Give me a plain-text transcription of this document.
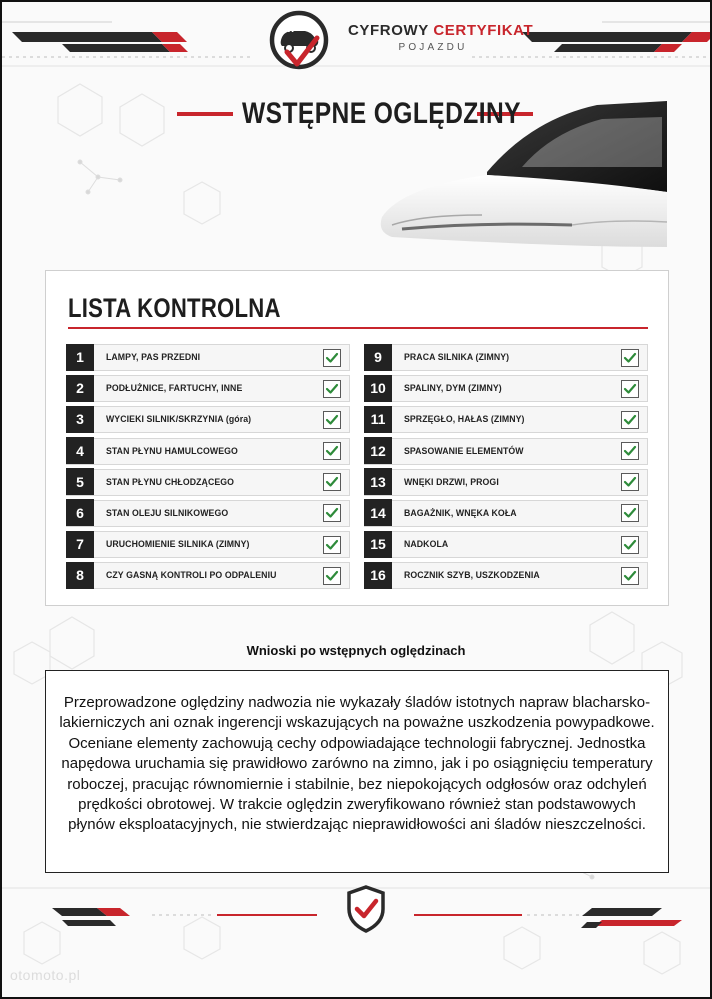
M	CYFROWY CERTYFIKAT
POJAZDU
WSTĘPNE OGLĘDZINY
LISTA KONTROLNA
1	LAMPY, PAS PRZEDNI
2	PODŁUŻNICE, FARTUCHY, INNE
3	WYCIEKI SILNIK/SKRZYNIA (góra)
4	STAN PŁYNU HAMULCOWEGO
5	STAN PŁYNU CHŁODZĄCEGO
6	STAN OLEJU SILNIKOWEGO
7	URUCHOMIENIE SILNIKA (ZIMNY)
8	CZY GASNĄ KONTROLI PO ODPALENIU
9	PRACA SILNIKA (ZIMNY)
10	SPALINY, DYM (ZIMNY)
11	SPRZĘGŁO, HAŁAS (ZIMNY)
12	SPASOWANIE ELEMENTÓW
13	WNĘKI DRZWI, PROGI
14	BAGAŻNIK, WNĘKA KOŁA
15	NADKOLA
16	ROCZNIK SZYB, USZKODZENIA
Wnioski po wstępnych oględzinach

Przeprowadzone oględziny nadwozia nie wykazały śladów istotnych napraw blacharsko-lakierniczych ani oznak ingerencji wskazujących na poważne uszkodzenia powypadkowe. Oceniane elementy zachowują cechy odpowiadające technologii fabrycznej. Jednostka napędowa uruchamia się prawidłowo zarówno na zimno, jak i po osiągnięciu temperatury roboczej, pracując równomiernie i stabilnie, bez niepokojących odgłosów oraz odchyleń prędkości obrotowej. W trakcie oględzin zweryfikowano również stan podstawowych płynów eksploatacyjnych, nie stwierdzając nieprawidłowości ani śladów nieszczelności.

otomoto.pl
